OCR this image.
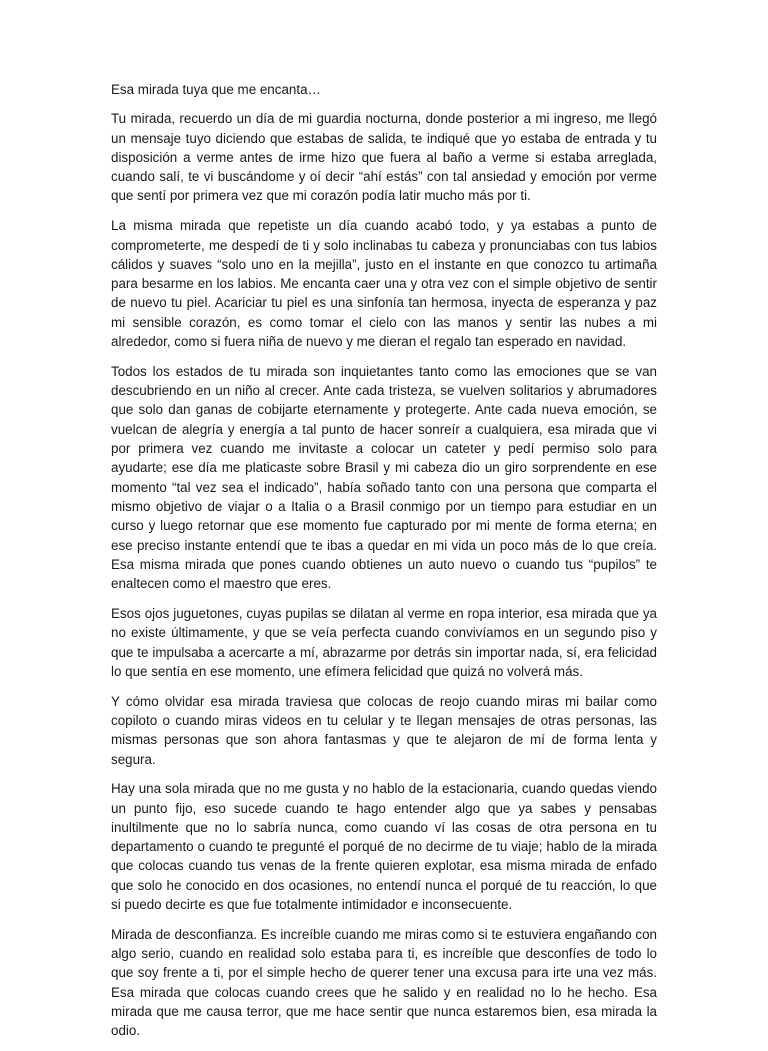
Esa mirada tuya que me encanta…

Tu mirada, recuerdo un día de mi guardia nocturna, donde posterior a mi ingreso, me llegó un mensaje tuyo diciendo que estabas de salida, te indiqué que yo estaba de entrada y tu disposición a verme antes de irme hizo que fuera al baño a verme si estaba arreglada, cuando salí, te vi buscándome y oí decir “ahí estás” con tal ansiedad y emoción por verme que sentí por primera vez que mi corazón podía latir mucho más por ti.

La misma mirada que repetiste un día cuando acabó todo, y ya estabas a punto de comprometerte, me despedí de ti y solo inclinabas tu cabeza y pronunciabas con tus labios cálidos y suaves “solo uno en la mejilla”, justo en el instante en que conozco tu artimaña para besarme en los labios. Me encanta caer una y otra vez con el simple objetivo de sentir de nuevo tu piel. Acariciar tu piel es una sinfonía tan hermosa, inyecta de esperanza y paz mi sensible corazón, es como tomar el cielo con las manos y sentir las nubes a mi alrededor, como si fuera niña de nuevo y me dieran el regalo tan esperado en navidad.

Todos los estados de tu mirada son inquietantes tanto como las emociones que se van descubriendo en un niño al crecer. Ante cada tristeza, se vuelven solitarios y abrumadores que solo dan ganas de cobijarte eternamente y protegerte. Ante cada nueva emoción, se vuelcan de alegría y energía a tal punto de hacer sonreír a cualquiera, esa mirada que vi por primera vez cuando me invitaste a colocar un cateter y pedí permiso solo para ayudarte; ese día me platicaste sobre Brasil y mi cabeza dio un giro sorprendente en ese momento “tal vez sea el indicado”, había soñado tanto con una persona que comparta el mismo objetivo de viajar o a Italia o a Brasil conmigo por un tiempo para estudiar en un curso y luego retornar que ese momento fue capturado por mi mente de forma eterna; en ese preciso instante entendí que te ibas a quedar en mi vida un poco más de lo que creía. Esa misma mirada que pones cuando obtienes un auto nuevo o cuando tus “pupilos” te enaltecen como el maestro que eres.

Esos ojos juguetones, cuyas pupilas se dilatan al verme en ropa interior, esa mirada que ya no existe últimamente, y que se veía perfecta cuando convivíamos en un segundo piso y que te impulsaba a acercarte a mí, abrazarme por detrás sin importar nada, sí, era felicidad lo que sentía en ese momento, une efímera felicidad que quizá no volverá más.

Y cómo olvidar esa mirada traviesa que colocas de reojo cuando miras mi bailar como copiloto o cuando miras videos en tu celular y te llegan mensajes de otras personas, las mismas personas que son ahora fantasmas y que te alejaron de mí de forma lenta y segura.

Hay una sola mirada que no me gusta y no hablo de la estacionaria, cuando quedas viendo un punto fijo, eso sucede cuando te hago entender algo que ya sabes y pensabas inultilmente que no lo sabría nunca, como cuando ví las cosas de otra persona en tu departamento o cuando te pregunté el porqué de no decirme de tu viaje; hablo de la mirada que colocas cuando tus venas de la frente quieren explotar, esa misma mirada de enfado que solo he conocido en dos ocasiones, no entendí nunca el porqué de tu reacción, lo que si puedo decirte es que fue totalmente intimidador e inconsecuente.

Mirada de desconfianza. Es increíble cuando me miras como si te estuviera engañando con algo serio, cuando en realidad solo estaba para ti, es increíble que desconfíes de todo lo que soy frente a ti, por el simple hecho de querer tener una excusa para irte una vez más. Esa mirada que colocas cuando crees que he salido y en realidad no lo he hecho. Esa mirada que me causa terror, que me hace sentir que nunca estaremos bien, esa mirada la odio.
